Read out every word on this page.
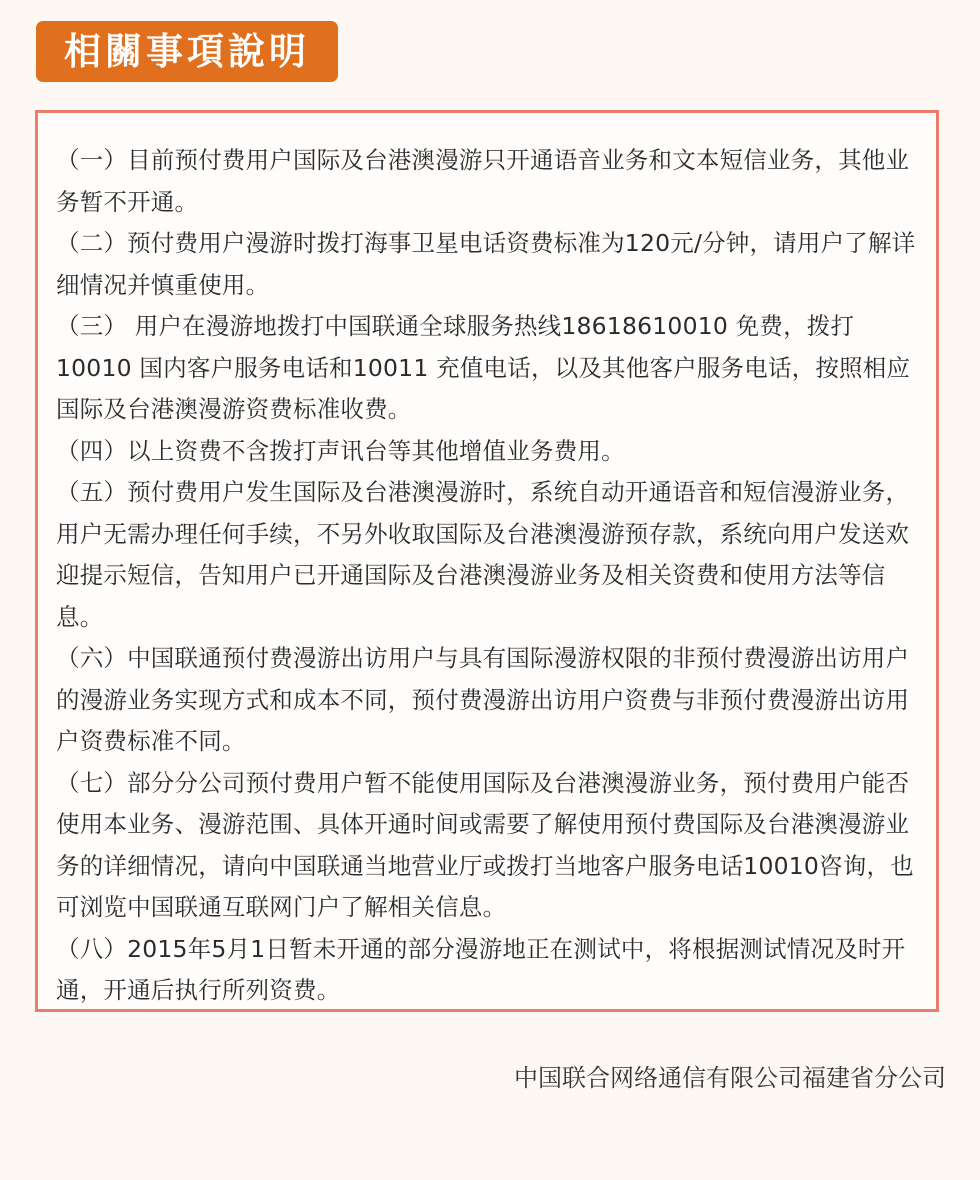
相關事項說明

（一）目前预付费用户国际及台港澳漫游只开通语音业务和文本短信业务，其他业务暂不开通。

（二）预付费用户漫游时拨打海事卫星电话资费标准为120元/分钟，请用户了解详细情况并慎重使用。

（三） 用户在漫游地拨打中国联通全球服务热线18618610010 免费，拨打10010 国内客户服务电话和10011 充值电话，以及其他客户服务电话，按照相应国际及台港澳漫游资费标准收费。

（四）以上资费不含拨打声讯台等其他增值业务费用。

（五）预付费用户发生国际及台港澳漫游时，系统自动开通语音和短信漫游业务，用户无需办理任何手续，不另外收取国际及台港澳漫游预存款，系统向用户发送欢迎提示短信，告知用户已开通国际及台港澳漫游业务及相关资费和使用方法等信息。

（六）中国联通预付费漫游出访用户与具有国际漫游权限的非预付费漫游出访用户的漫游业务实现方式和成本不同，预付费漫游出访用户资费与非预付费漫游出访用户资费标准不同。

（七）部分分公司预付费用户暂不能使用国际及台港澳漫游业务，预付费用户能否使用本业务、漫游范围、具体开通时间或需要了解使用预付费国际及台港澳漫游业务的详细情况，请向中国联通当地营业厅或拨打当地客户服务电话10010咨询，也可浏览中国联通互联网门户了解相关信息。

（八）2015年5月1日暂未开通的部分漫游地正在测试中，将根据测试情况及时开通，开通后执行所列资费。

中国联合网络通信有限公司福建省分公司
